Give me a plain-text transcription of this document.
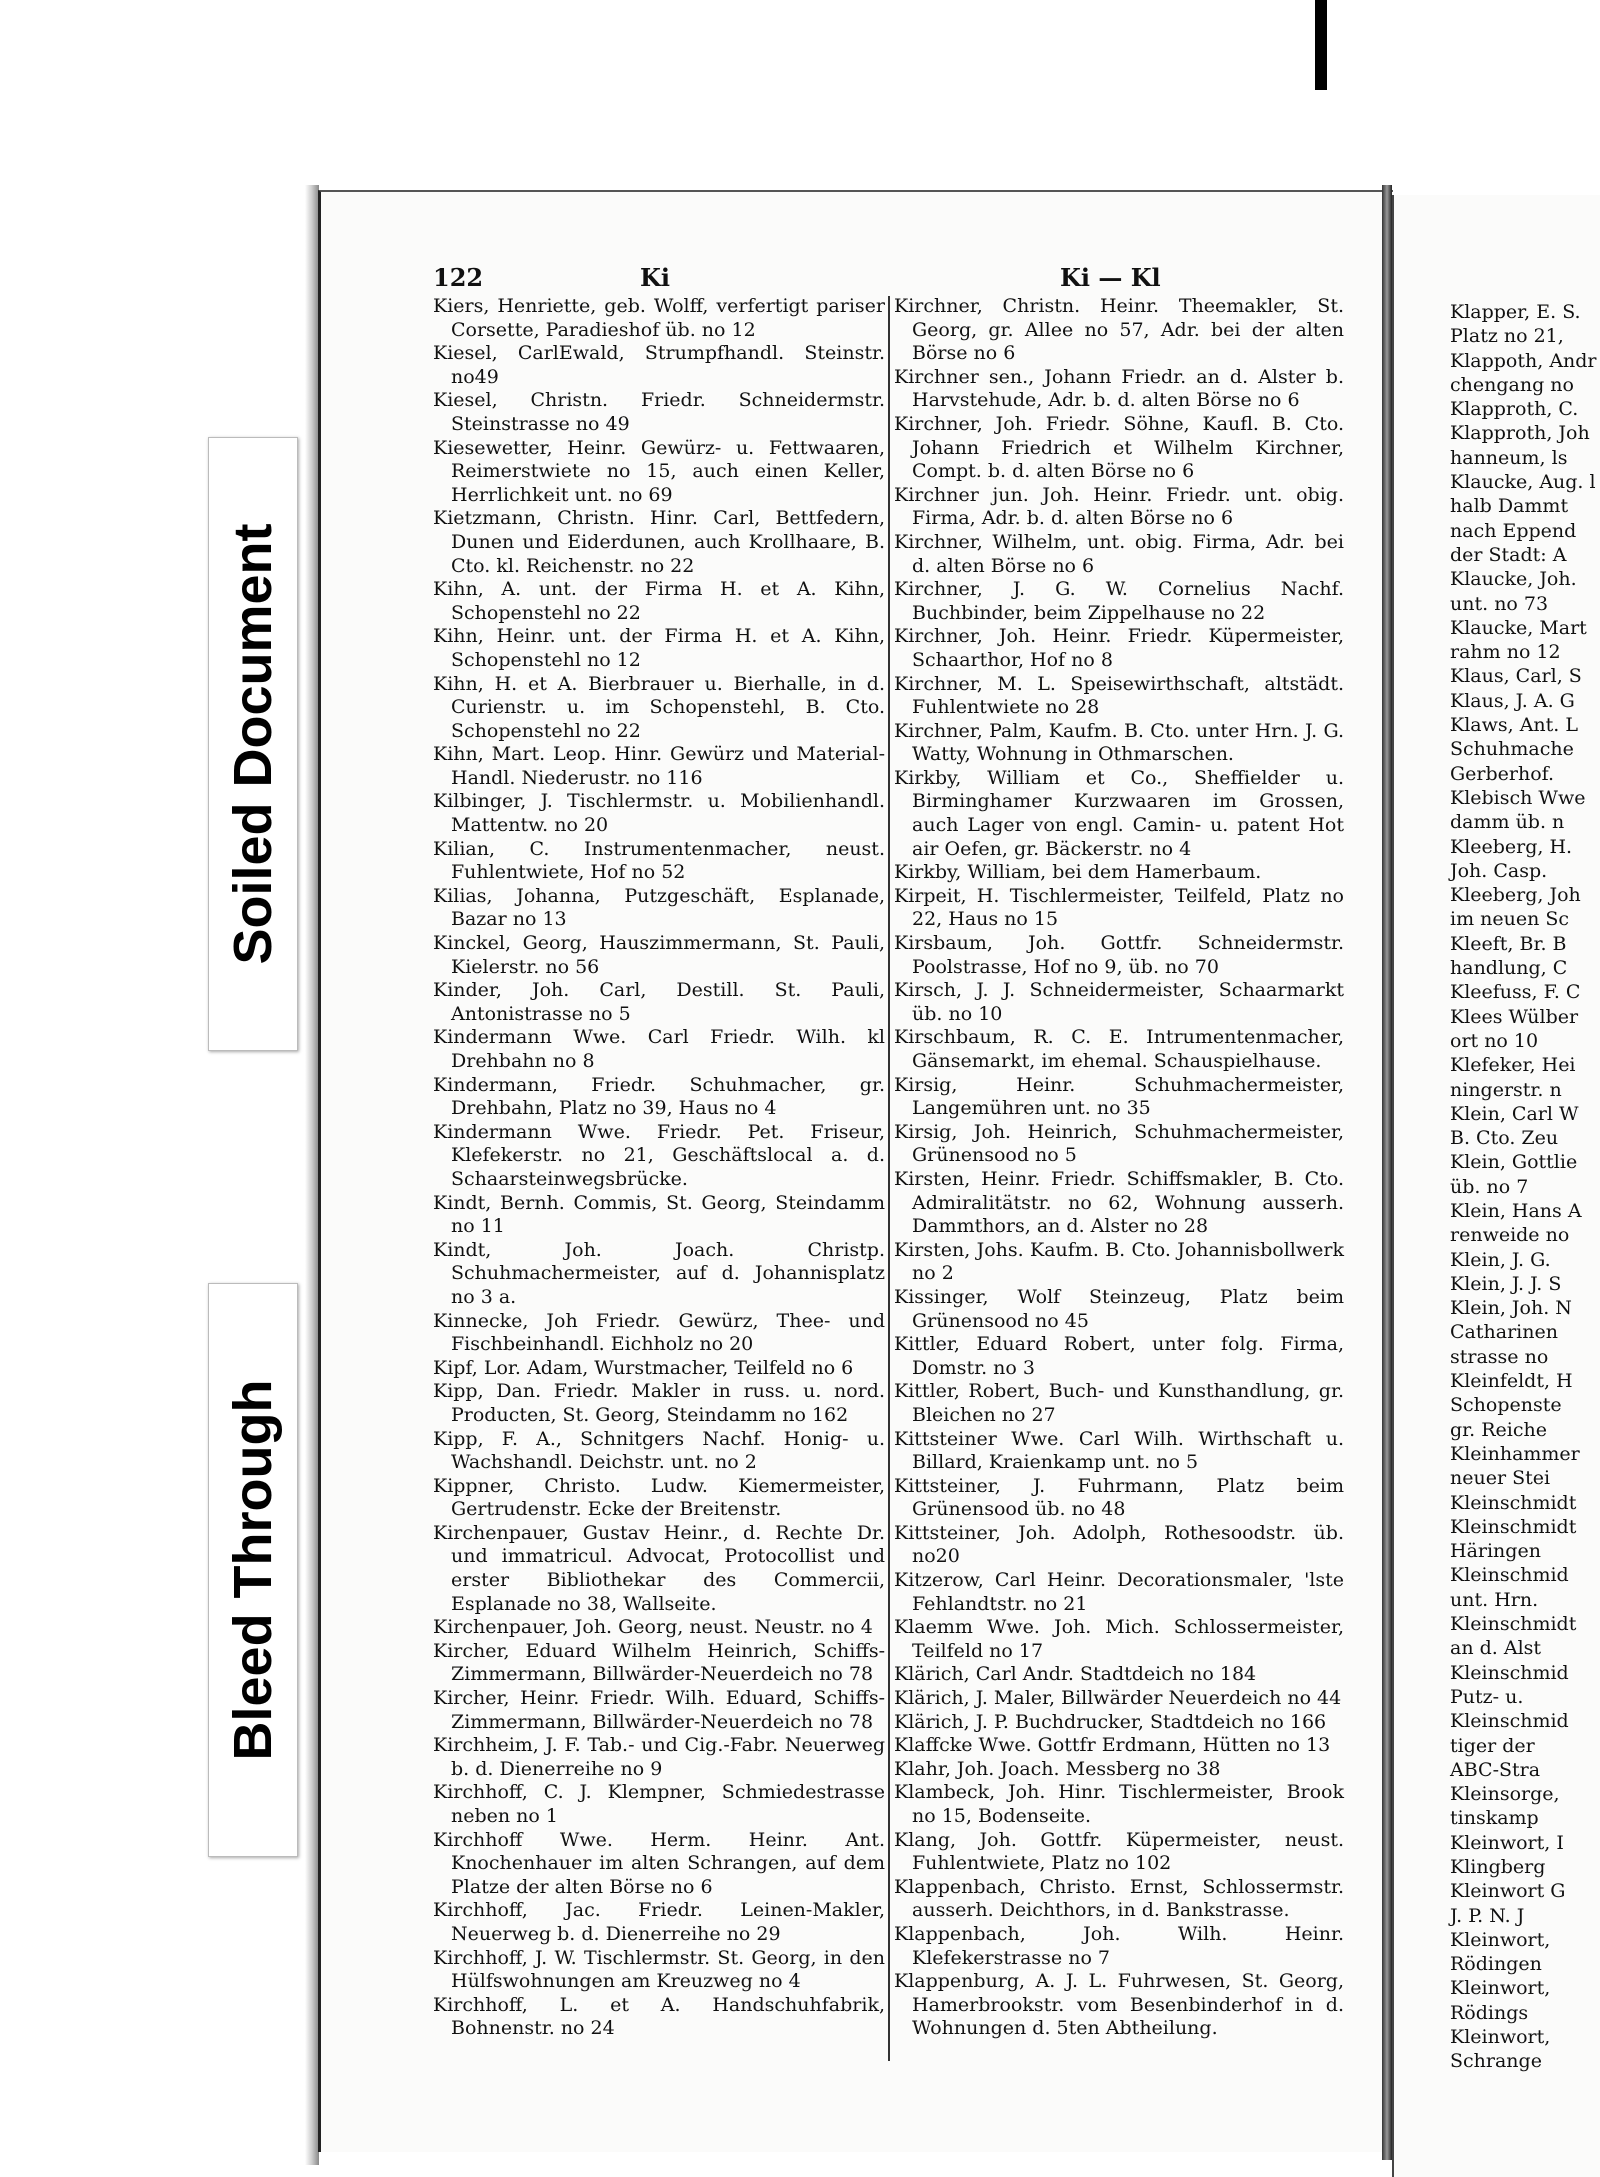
Soiled Document
Bleed Through
122	Ki	Ki — Kl

Kiers, Henriette, geb. Wolff, verfertigt pariser Corsette, Paradieshof üb. no 12

Kiesel, CarlEwald, Strumpfhandl. Steinstr. no49

Kiesel, Christn. Friedr. Schneidermstr. Steinstrasse no 49

Kiesewetter, Heinr. Gewürz- u. Fettwaaren, Reimerstwiete no 15, auch einen Keller, Herrlichkeit unt. no 69

Kietzmann, Christn. Hinr. Carl, Bettfedern, Dunen und Eiderdunen, auch Krollhaare, B. Cto. kl. Reichenstr. no 22

Kihn, A. unt. der Firma H. et A. Kihn, Schopenstehl no 22

Kihn, Heinr. unt. der Firma H. et A. Kihn, Schopenstehl no 12

Kihn, H. et A. Bierbrauer u. Bierhalle, in d. Curienstr. u. im Schopenstehl, B. Cto. Schopenstehl no 22

Kihn, Mart. Leop. Hinr. Gewürz und Material-Handl. Niederustr. no 116

Kilbinger, J. Tischlermstr. u. Mobilienhandl. Mattentw. no 20

Kilian, C. Instrumentenmacher, neust. Fuhlentwiete, Hof no 52

Kilias, Johanna, Putzgeschäft, Esplanade, Bazar no 13

Kinckel, Georg, Hauszimmermann, St. Pauli, Kielerstr. no 56

Kinder, Joh. Carl, Destill. St. Pauli, Antonistrasse no 5

Kindermann Wwe. Carl Friedr. Wilh. kl Drehbahn no 8

Kindermann, Friedr. Schuhmacher, gr. Drehbahn, Platz no 39, Haus no 4

Kindermann Wwe. Friedr. Pet. Friseur, Klefekerstr. no 21, Geschäftslocal a. d. Schaarsteinwegsbrücke.

Kindt, Bernh. Commis, St. Georg, Steindamm no 11

Kindt, Joh. Joach. Christp. Schuhmachermeister, auf d. Johannisplatz no 3 a.

Kinnecke, Joh Friedr. Gewürz, Thee- und Fischbeinhandl. Eichholz no 20

Kipf, Lor. Adam, Wurstmacher, Teilfeld no 6

Kipp, Dan. Friedr. Makler in russ. u. nord. Producten, St. Georg, Steindamm no 162

Kipp, F. A., Schnitgers Nachf. Honig- u. Wachshandl. Deichstr. unt. no 2

Kippner, Christo. Ludw. Kiemermeister, Gertrudenstr. Ecke der Breitenstr.

Kirchenpauer, Gustav Heinr., d. Rechte Dr. und immatricul. Advocat, Protocollist und erster Bibliothekar des Commercii, Esplanade no 38, Wallseite.

Kirchenpauer, Joh. Georg, neust. Neustr. no 4

Kircher, Eduard Wilhelm Heinrich, Schiffs-Zimmermann, Billwärder-Neuerdeich no 78

Kircher, Heinr. Friedr. Wilh. Eduard, Schiffs-Zimmermann, Billwärder-Neuerdeich no 78

Kirchheim, J. F. Tab.- und Cig.-Fabr. Neuerweg b. d. Dienerreihe no 9

Kirchhoff, C. J. Klempner, Schmiedestrasse neben no 1

Kirchhoff Wwe. Herm. Heinr. Ant. Knochenhauer im alten Schrangen, auf dem Platze der alten Börse no 6

Kirchhoff, Jac. Friedr. Leinen-Makler, Neuerweg b. d. Dienerreihe no 29

Kirchhoff, J. W. Tischlermstr. St. Georg, in den Hülfswohnungen am Kreuzweg no 4

Kirchhoff, L. et A. Handschuhfabrik, Bohnenstr. no 24

Kirchner, Christn. Heinr. Theemakler, St. Georg, gr. Allee no 57, Adr. bei der alten Börse no 6

Kirchner sen., Johann Friedr. an d. Alster b. Harvstehude, Adr. b. d. alten Börse no 6

Kirchner, Joh. Friedr. Söhne, Kaufl. B. Cto. Johann Friedrich et Wilhelm Kirchner, Compt. b. d. alten Börse no 6

Kirchner jun. Joh. Heinr. Friedr. unt. obig. Firma, Adr. b. d. alten Börse no 6

Kirchner, Wilhelm, unt. obig. Firma, Adr. bei d. alten Börse no 6

Kirchner, J. G. W. Cornelius Nachf. Buchbinder, beim Zippelhause no 22

Kirchner, Joh. Heinr. Friedr. Küpermeister, Schaarthor, Hof no 8

Kirchner, M. L. Speisewirthschaft, altstädt. Fuhlentwiete no 28

Kirchner, Palm, Kaufm. B. Cto. unter Hrn. J. G. Watty, Wohnung in Othmarschen.

Kirkby, William et Co., Sheffielder u. Birminghamer Kurzwaaren im Grossen, auch Lager von engl. Camin- u. patent Hot air Oefen, gr. Bäckerstr. no 4

Kirkby, William, bei dem Hamerbaum.

Kirpeit, H. Tischlermeister, Teilfeld, Platz no 22, Haus no 15

Kirsbaum, Joh. Gottfr. Schneidermstr. Poolstrasse, Hof no 9, üb. no 70

Kirsch, J. J. Schneidermeister, Schaarmarkt üb. no 10

Kirschbaum, R. C. E. Intrumentenmacher, Gänsemarkt, im ehemal. Schauspielhause.

Kirsig, Heinr. Schuhmachermeister, Langemühren unt. no 35

Kirsig, Joh. Heinrich, Schuhmachermeister, Grünensood no 5

Kirsten, Heinr. Friedr. Schiffsmakler, B. Cto. Admiralitätstr. no 62, Wohnung ausserh. Dammthors, an d. Alster no 28

Kirsten, Johs. Kaufm. B. Cto. Johannisbollwerk no 2

Kissinger, Wolf Steinzeug, Platz beim Grünensood no 45

Kittler, Eduard Robert, unter folg. Firma, Domstr. no 3

Kittler, Robert, Buch- und Kunsthandlung, gr. Bleichen no 27

Kittsteiner Wwe. Carl Wilh. Wirthschaft u. Billard, Kraienkamp unt. no 5

Kittsteiner, J. Fuhrmann, Platz beim Grünensood üb. no 48

Kittsteiner, Joh. Adolph, Rothesoodstr. üb. no20

Kitzerow, Carl Heinr. Decorationsmaler, 'lste Fehlandtstr. no 21

Klaemm Wwe. Joh. Mich. Schlossermeister, Teilfeld no 17

Klärich, Carl Andr. Stadtdeich no 184

Klärich, J. Maler, Billwärder Neuerdeich no 44

Klärich, J. P. Buchdrucker, Stadtdeich no 166

Klaffcke Wwe. Gottfr Erdmann, Hütten no 13

Klahr, Joh. Joach. Messberg no 38

Klambeck, Joh. Hinr. Tischlermeister, Brook no 15, Bodenseite.

Klang, Joh. Gottfr. Küpermeister, neust. Fuhlentwiete, Platz no 102

Klappenbach, Christo. Ernst, Schlossermstr. ausserh. Deichthors, in d. Bankstrasse.

Klappenbach, Joh. Wilh. Heinr. Klefekerstrasse no 7

Klappenburg, A. J. L. Fuhrwesen, St. Georg, Hamerbrookstr. vom Besenbinderhof in d. Wohnungen d. 5ten Abtheilung.

Klapper, E. S.

Platz no 21,

Klappoth, Andr

chengang no

Klapproth, C.

Klapproth, Joh

hanneum, ls

Klaucke, Aug. l

halb Dammt

nach Eppend

der Stadt: A

Klaucke, Joh.

unt. no 73

Klaucke, Mart

rahm no 12

Klaus, Carl, S

Klaus, J. A. G

Klaws, Ant. L

Schuhmache

Gerberhof.

Klebisch Wwe

damm üb. n

Kleeberg, H.

Joh. Casp.

Kleeberg, Joh

im neuen Sc

Kleeft, Br. B

handlung, C

Kleefuss, F. C

Klees Wülber

ort no 10

Klefeker, Hei

ningerstr. n

Klein, Carl W

B. Cto. Zeu

Klein, Gottlie

üb. no 7

Klein, Hans A

renweide no

Klein, J. G.

Klein, J. J. S

Klein, Joh. N

Catharinen

strasse no

Kleinfeldt, H

Schopenste

gr. Reiche

Kleinhammer

neuer Stei

Kleinschmidt

Kleinschmidt

Häringen

Kleinschmid

unt. Hrn.

Kleinschmidt

an d. Alst

Kleinschmid

Putz- u.

Kleinschmid

tiger der

ABC-Stra

Kleinsorge,

tinskamp

Kleinwort, I

Klingberg

Kleinwort G

J. P. N. J

Kleinwort,

Rödingen

Kleinwort,

Rödings

Kleinwort,

Schrange
